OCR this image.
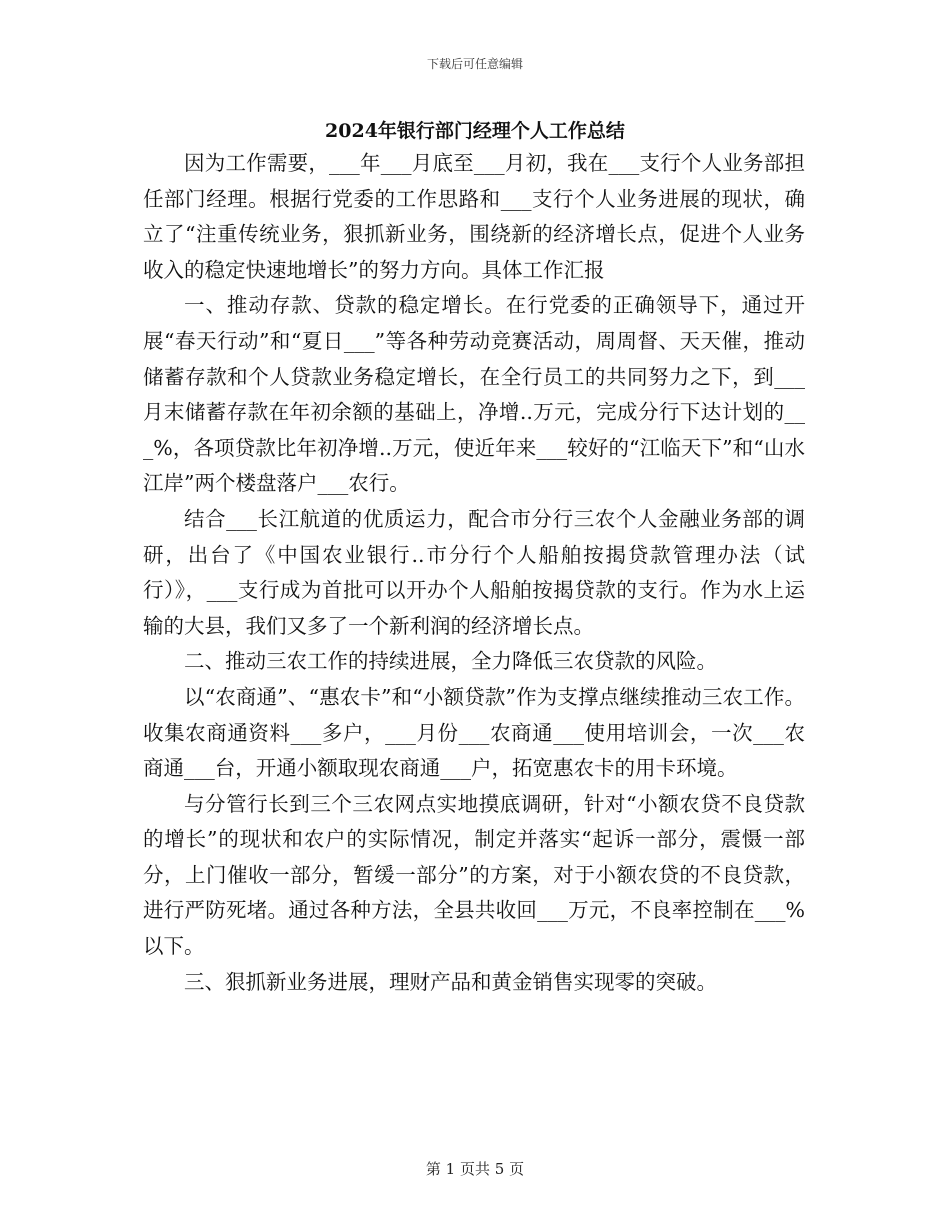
下载后可任意编辑
2024年银行部门经理个人工作总结

因为工作需要，___年___月底至___月初，我在___支行个人业务部担任部门经理。根据行党委的工作思路和___支行个人业务进展的现状，确立了“注重传统业务，狠抓新业务，围绕新的经济增长点，促进个人业务收入的稳定快速地增长”的努力方向。具体工作汇报

一、推动存款、贷款的稳定增长。在行党委的正确领导下，通过开展“春天行动”和“夏日___”等各种劳动竞赛活动，周周督、天天催，推动储蓄存款和个人贷款业务稳定增长，在全行员工的共同努力之下，到___月末储蓄存款在年初余额的基础上，净增..万元，完成分行下达计划的___%，各项贷款比年初净增..万元，使近年来___较好的“江临天下”和“山水江岸”两个楼盘落户___农行。

结合___长江航道的优质运力，配合市分行三农个人金融业务部的调研，出台了《中国农业银行..市分行个人船舶按揭贷款管理办法（试行）》，___支行成为首批可以开办个人船舶按揭贷款的支行。作为水上运输的大县，我们又多了一个新利润的经济增长点。

二、推动三农工作的持续进展，全力降低三农贷款的风险。

以“农商通”、“惠农卡”和“小额贷款”作为支撑点继续推动三农工作。收集农商通资料___多户，___月份___农商通___使用培训会，一次___农商通___台，开通小额取现农商通___户，拓宽惠农卡的用卡环境。

与分管行长到三个三农网点实地摸底调研，针对“小额农贷不良贷款的增长”的现状和农户的实际情况，制定并落实“起诉一部分，震慑一部分，上门催收一部分，暂缓一部分”的方案，对于小额农贷的不良贷款，进行严防死堵。通过各种方法，全县共收回___万元，不良率控制在___%以下。

三、狠抓新业务进展，理财产品和黄金销售实现零的突破。

第 1 页共 5 页
